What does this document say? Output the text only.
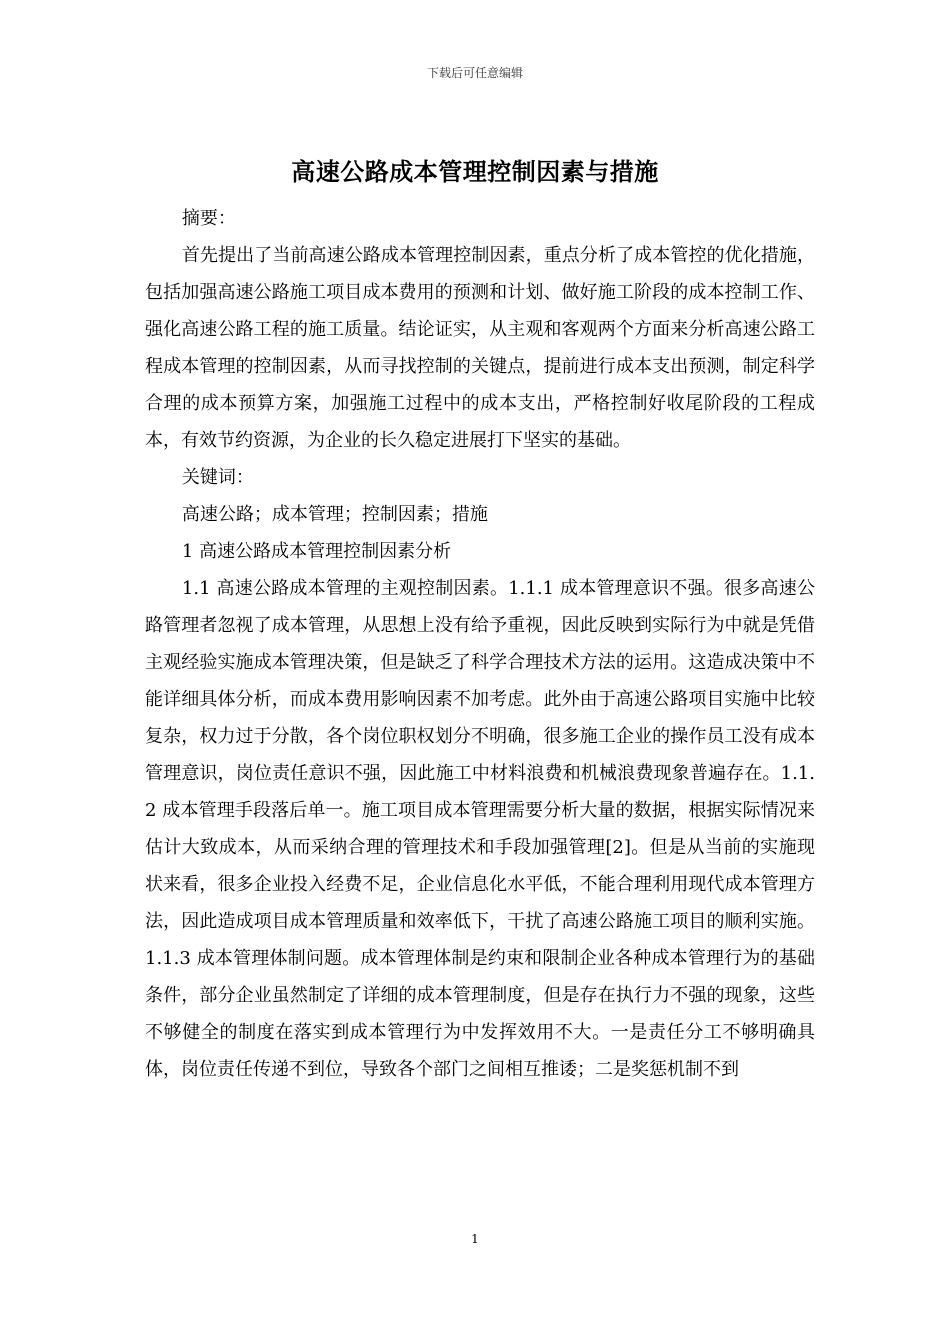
下载后可任意编辑
高速公路成本管理控制因素与措施

摘要：

首先提出了当前高速公路成本管理控制因素，重点分析了成本管控的优化措施，包括加强高速公路施工项目成本费用的预测和计划、做好施工阶段的成本控制工作、强化高速公路工程的施工质量。结论证实，从主观和客观两个方面来分析高速公路工程成本管理的控制因素，从而寻找控制的关键点，提前进行成本支出预测，制定科学合理的成本预算方案，加强施工过程中的成本支出，严格控制好收尾阶段的工程成本，有效节约资源，为企业的长久稳定进展打下坚实的基础。

关键词：

高速公路；成本管理；控制因素；措施

1 高速公路成本管理控制因素分析

1.1 高速公路成本管理的主观控制因素。1.1.1 成本管理意识不强。很多高速公路管理者忽视了成本管理，从思想上没有给予重视，因此反映到实际行为中就是凭借主观经验实施成本管理决策，但是缺乏了科学合理技术方法的运用。这造成决策中不能详细具体分析，而成本费用影响因素不加考虑。此外由于高速公路项目实施中比较复杂，权力过于分散，各个岗位职权划分不明确，很多施工企业的操作员工没有成本管理意识，岗位责任意识不强，因此施工中材料浪费和机械浪费现象普遍存在。1.1.2 成本管理手段落后单一。施工项目成本管理需要分析大量的数据，根据实际情况来估计大致成本，从而采纳合理的管理技术和手段加强管理[2]。但是从当前的实施现状来看，很多企业投入经费不足，企业信息化水平低，不能合理利用现代成本管理方法，因此造成项目成本管理质量和效率低下，干扰了高速公路施工项目的顺利实施。1.1.3 成本管理体制问题。成本管理体制是约束和限制企业各种成本管理行为的基础条件，部分企业虽然制定了详细的成本管理制度，但是存在执行力不强的现象，这些不够健全的制度在落实到成本管理行为中发挥效用不大。一是责任分工不够明确具体，岗位责任传递不到位，导致各个部门之间相互推诿；二是奖惩机制不到

1
